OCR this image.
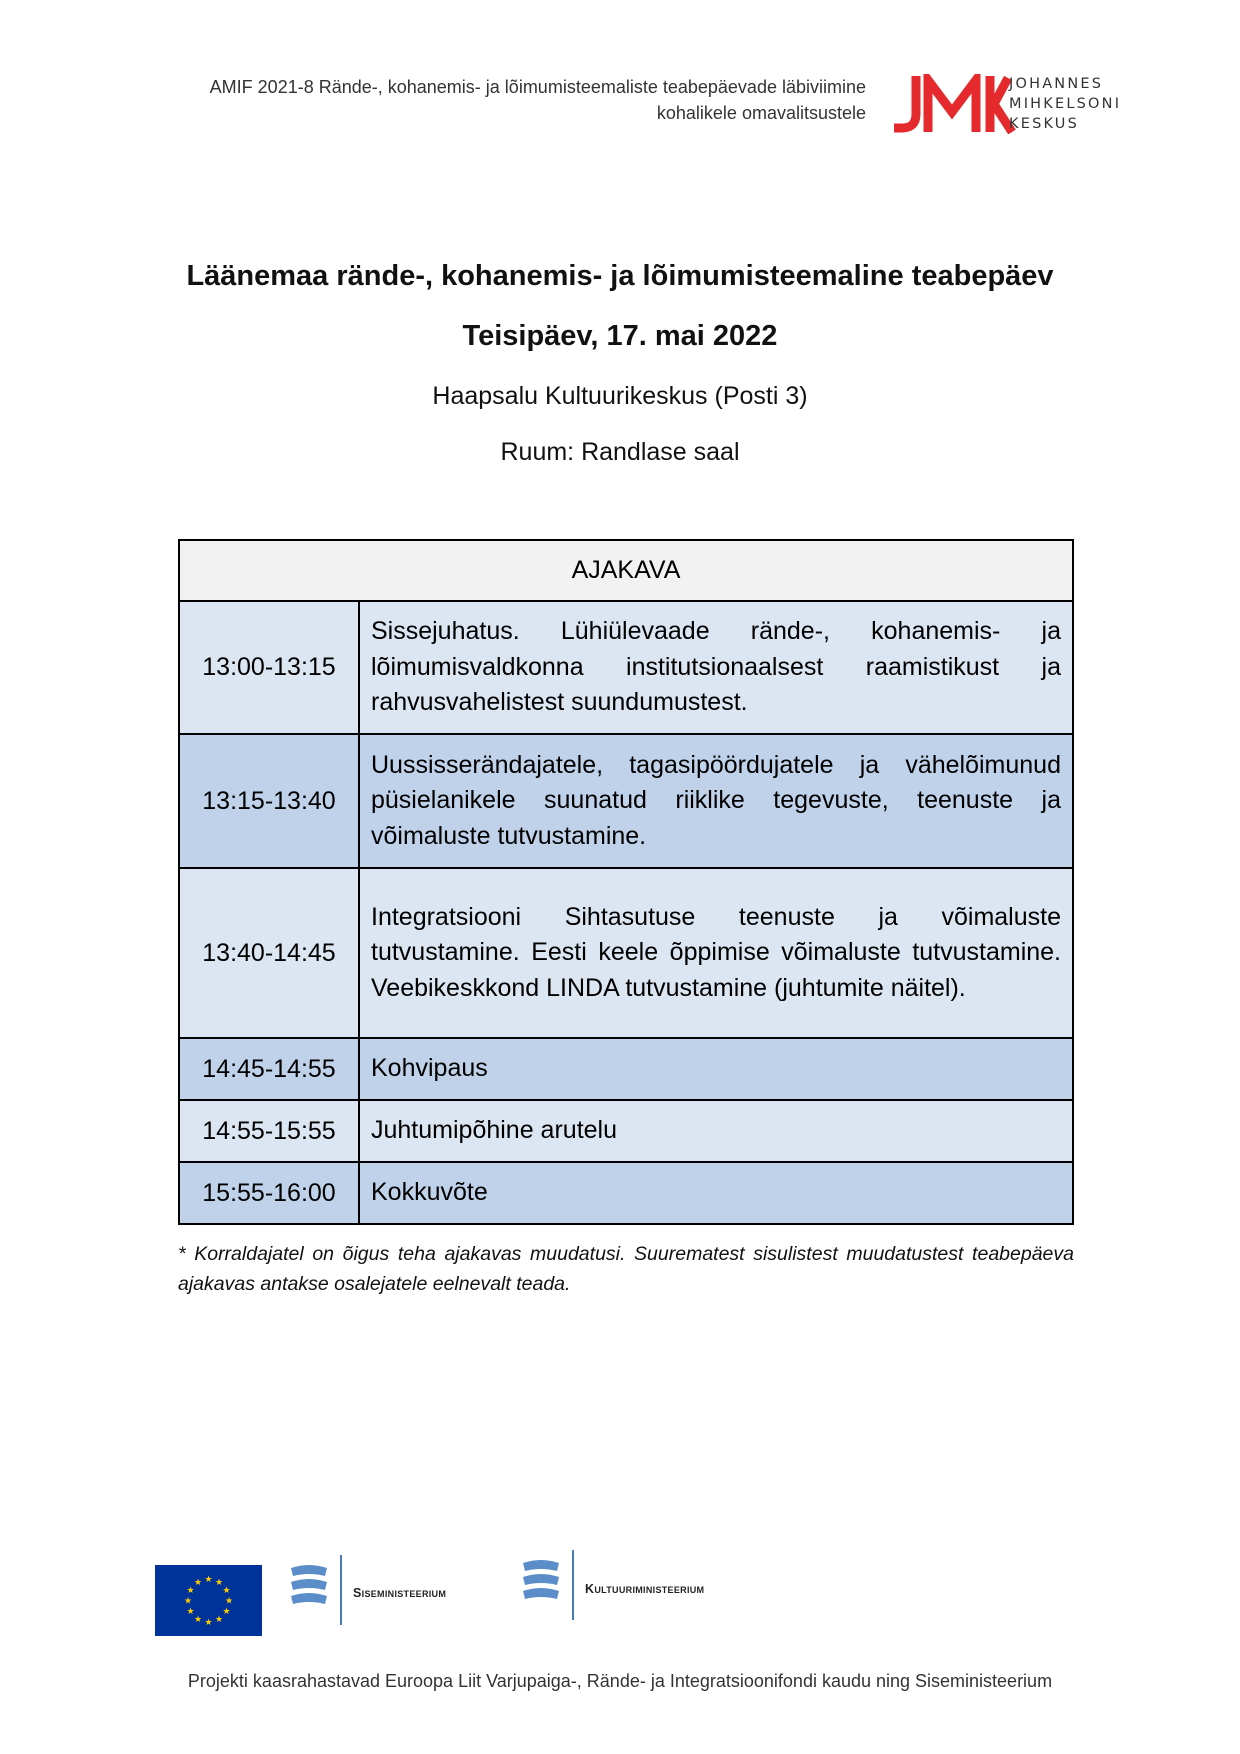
AMIF 2021-8 Rände-, kohanemis- ja lõimumisteemaliste teabepäevade läbiviimine
kohalikele omavalitsustele
JOHANNES
MIHKELSONI
KESKUS
Läänemaa rände-, kohanemis- ja lõimumisteemaline teabepäev
Teisipäev, 17. mai 2022
Haapsalu Kultuurikeskus (Posti 3)
Ruum: Randlase saal
AJAKAVA	
13:00-13:15	Sissejuhatus. Lühiülevaade rände-, kohanemis- ja lõimumisvaldkonna institutsionaalsest raamistikust ja rahvusvahelistest suundumustest.
13:15-13:40	Uussisserändajatele, tagasipöördujatele ja vähelõimunud püsielanikele suunatud riiklike tegevuste, teenuste ja võimaluste tutvustamine.
13:40-14:45	Integratsiooni Sihtasutuse teenuste ja võimaluste tutvustamine. Eesti keele õppimise võimaluste tutvustamine. Veebikeskkond LINDA tutvustamine (juhtumite näitel).
14:45-14:55	Kohvipaus
14:55-15:55	Juhtumipõhine arutelu
15:55-16:00	Kokkuvõte
* Korraldajatel on õigus teha ajakavas muudatusi. Suurematest sisulistest muudatustest teabepäeva ajakavas antakse osalejatele eelnevalt teada.
★ ★
★
★
★
★
★
★
★
★
★
★
Siseministeerium	Kultuuriministeerium
Projekti kaasrahastavad Euroopa Liit Varjupaiga-, Rände- ja Integratsioonifondi kaudu ning Siseministeerium
